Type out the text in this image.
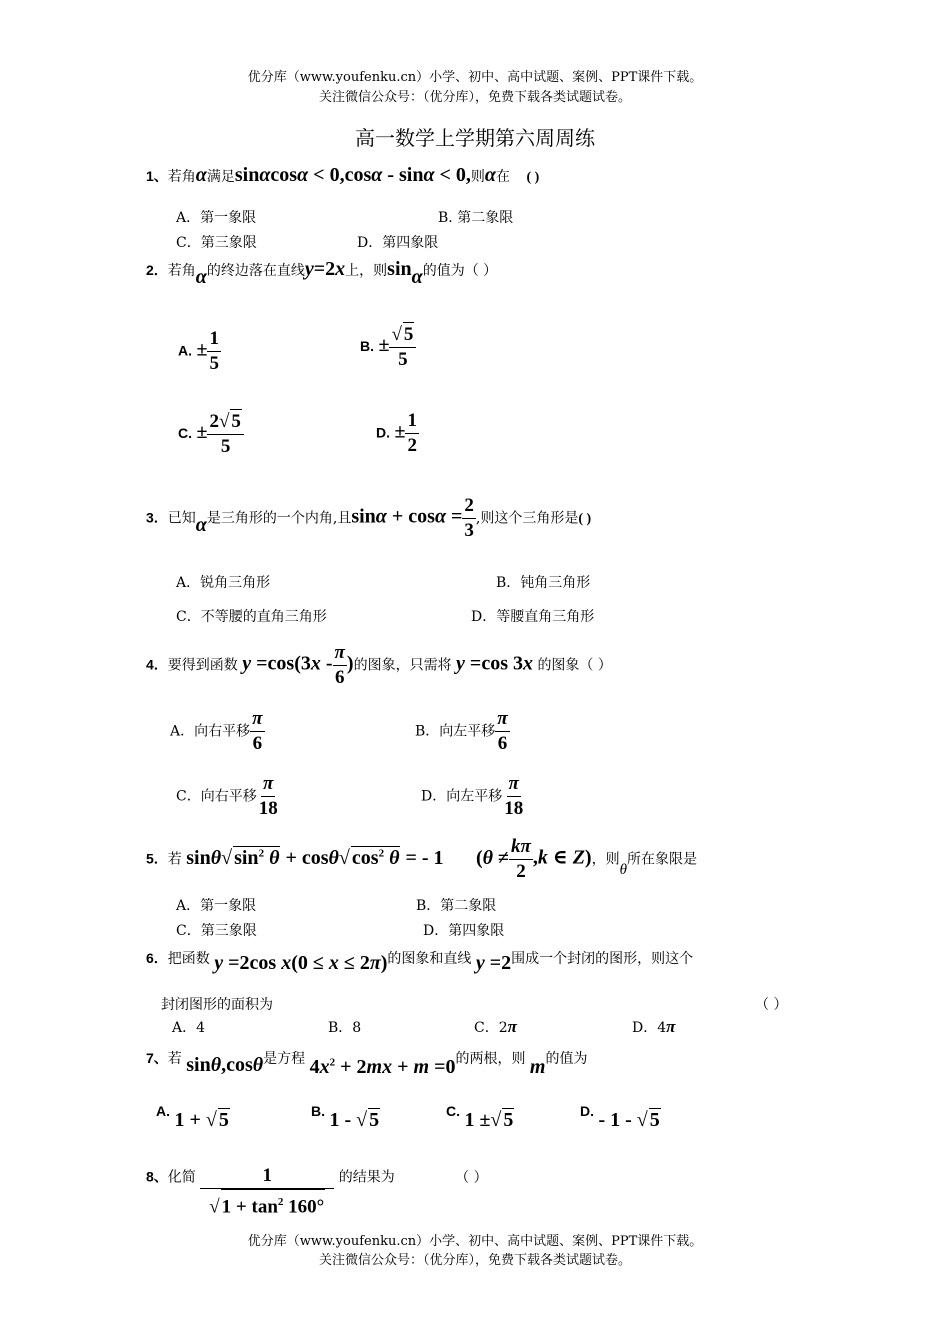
优分库（www.youfenku.cn）小学、初中、高中试题、案例、PPT课件下载。
关注微信公众号：（优分库），免费下载各类试题试卷。
高一数学上学期第六周周练
1、若角α满足sinαcosα < 0,cosα - sinα < 0,则α在 ( )
A．第一象限	B. 第二象限
C．第三象限	D．第四象限
2．若角α的终边落在直线y=2x上，则sinα的值为（ ）
A. ± $\frac{1}{5}$	B. ± $\frac{√ 5}{5}$
C. ± $\frac{2√ 5}{5}$	D. ± $\frac{1}{2}$
3．已知α是三角形的一个内角,且$\sin\alpha + \cos\alpha = \frac{2}{3}$ ,则这个三角形是( )
A．锐角三角形	B．钝角三角形
C．不等腰的直角三角形	D．等腰直角三角形
4．要得到函数 $y =\cos(3x - \frac{\pi}{6}$ )的图象，只需将 y =cos 3x 的图象（ ）
A．向右平移 $\frac{\pi}{6}$	B．向左平移 $\frac{\pi}{6}$
C．向右平移 $\frac{\pi}{18}$	D．向左平移 $\frac{\pi}{18}$
5．若 sinθ√ $\sin^2 \theta + \cos\theta√$ $\cos^2 \theta$ = - 1 ($\theta \ne \frac{k\pi}{2} ,k$ ∈ Z)，则θ所在象限是
A．第一象限	B．第二象限
C．第三象限	D．第四象限
6．把函数 y =2cos x(0 ≤ x ≤ 2π)的图象和直线 y =2围成一个封闭的图形，则这个
封闭图形的面积为	（ ）
A．4	B．8	C．2π	D．4π
7、若 sinθ,cosθ是方程 $4x^2 + 2mx + m =0$的两根，则 m的值为
A. 1 + √ 5	B. 1 - √ 5	C. 1 ±√ 5	D. - 1 - √ 5
8、化简 $\frac{1}{√ 1 + \tan^2 160^\circ}$ 的结果为	（ ）
优分库（www.youfenku.cn）小学、初中、高中试题、案例、PPT课件下载。
关注微信公众号：（优分库），免费下载各类试题试卷。
